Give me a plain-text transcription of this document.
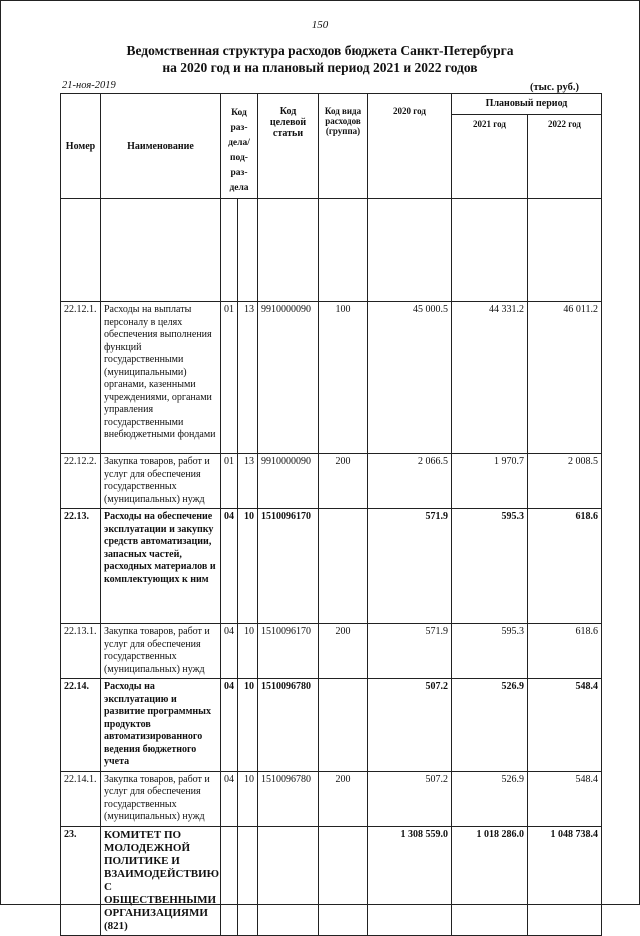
150
Ведомственная структура расходов бюджета Санкт-Петербурга
на 2020 год и на плановый период 2021 и 2022 годов
21-ноя-2019	(тыс. руб.)
Номер	Наименование	Код раз- дела/ под- раз- дела		Код целевой статьи	Код вида расходов (группа)	2020 год	Плановый период	
							2021 год	2022 год

22.12.1.	Расходы на выплаты персоналу в целях обеспечения выполнения функций государственными (муниципальными) органами, казенными учреждениями, органами управления государственными внебюджетными фондами	01	13	9910000090	100	45 000.5	44 331.2	46 011.2
22.12.2.	Закупка товаров, работ и услуг для обеспечения государственных (муниципальных) нужд	01	13	9910000090	200	2 066.5	1 970.7	2 008.5
22.13.	Расходы на обеспечение эксплуатации и закупку средств автоматизации, запасных частей, расходных материалов и комплектующих к ним	04	10	1510096170		571.9	595.3	618.6
22.13.1.	Закупка товаров, работ и услуг для обеспечения государственных (муниципальных) нужд	04	10	1510096170	200	571.9	595.3	618.6
22.14.	Расходы на эксплуатацию и развитие программных продуктов автоматизированного ведения бюджетного учета	04	10	1510096780		507.2	526.9	548.4
22.14.1.	Закупка товаров, работ и услуг для обеспечения государственных (муниципальных) нужд	04	10	1510096780	200	507.2	526.9	548.4
23.	КОМИТЕТ ПО МОЛОДЕЖНОЙ ПОЛИТИКЕ И ВЗАИМОДЕЙСТВИЮ С ОБЩЕСТВЕННЫМИ ОРГАНИЗАЦИЯМИ (821)					1 308 559.0	1 018 286.0	1 048 738.4
